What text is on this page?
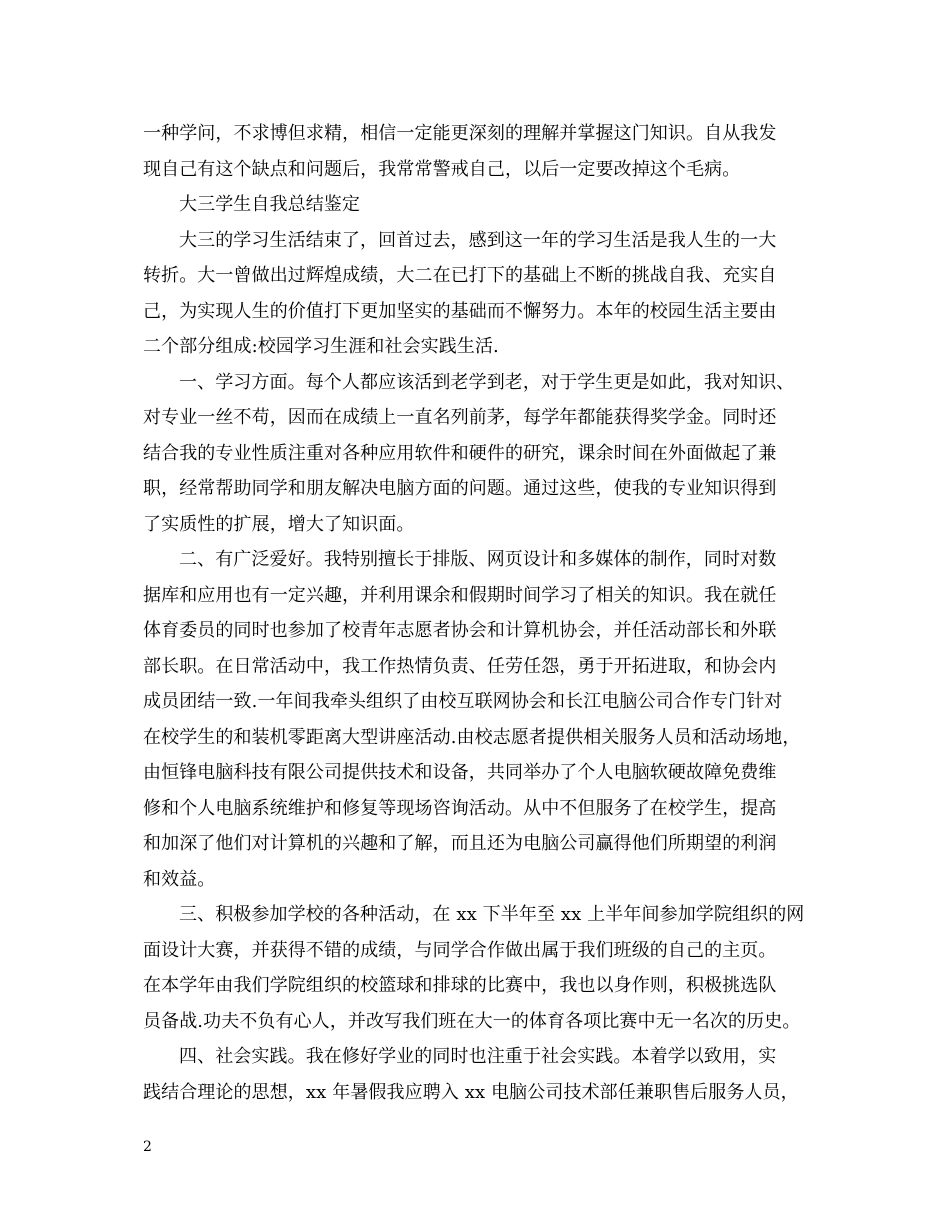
一种学问，不求博但求精，相信一定能更深刻的理解并掌握这门知识。自从我发
现自己有这个缺点和问题后，我常常警戒自己，以后一定要改掉这个毛病。
大三学生自我总结鉴定
大三的学习生活结束了，回首过去，感到这一年的学习生活是我人生的一大
转折。大一曾做出过辉煌成绩，大二在已打下的基础上不断的挑战自我、充实自
己，为实现人生的价值打下更加坚实的基础而不懈努力。本年的校园生活主要由
二个部分组成:校园学习生涯和社会实践生活.
一、学习方面。每个人都应该活到老学到老，对于学生更是如此，我对知识、
对专业一丝不苟，因而在成绩上一直名列前茅，每学年都能获得奖学金。同时还
结合我的专业性质注重对各种应用软件和硬件的研究，课余时间在外面做起了兼
职，经常帮助同学和朋友解决电脑方面的问题。通过这些，使我的专业知识得到
了实质性的扩展，增大了知识面。
二、有广泛爱好。我特别擅长于排版、网页设计和多媒体的制作，同时对数
据库和应用也有一定兴趣，并利用课余和假期时间学习了相关的知识。我在就任
体育委员的同时也参加了校青年志愿者协会和计算机协会，并任活动部长和外联
部长职。在日常活动中，我工作热情负责、任劳任怨，勇于开拓进取，和协会内
成员团结一致.一年间我牵头组织了由校互联网协会和长江电脑公司合作专门针对
在校学生的和装机零距离大型讲座活动.由校志愿者提供相关服务人员和活动场地，
由恒锋电脑科技有限公司提供技术和设备，共同举办了个人电脑软硬故障免费维
修和个人电脑系统维护和修复等现场咨询活动。从中不但服务了在校学生，提高
和加深了他们对计算机的兴趣和了解，而且还为电脑公司赢得他们所期望的利润
和效益。
三、积极参加学校的各种活动，在 xx 下半年至 xx 上半年间参加学院组织的网
面设计大赛，并获得不错的成绩，与同学合作做出属于我们班级的自己的主页。
在本学年由我们学院组织的校篮球和排球的比赛中，我也以身作则，积极挑选队
员备战.功夫不负有心人，并改写我们班在大一的体育各项比赛中无一名次的历史。
四、社会实践。我在修好学业的同时也注重于社会实践。本着学以致用，实
践结合理论的思想，xx 年暑假我应聘入 xx 电脑公司技术部任兼职售后服务人员，
2
